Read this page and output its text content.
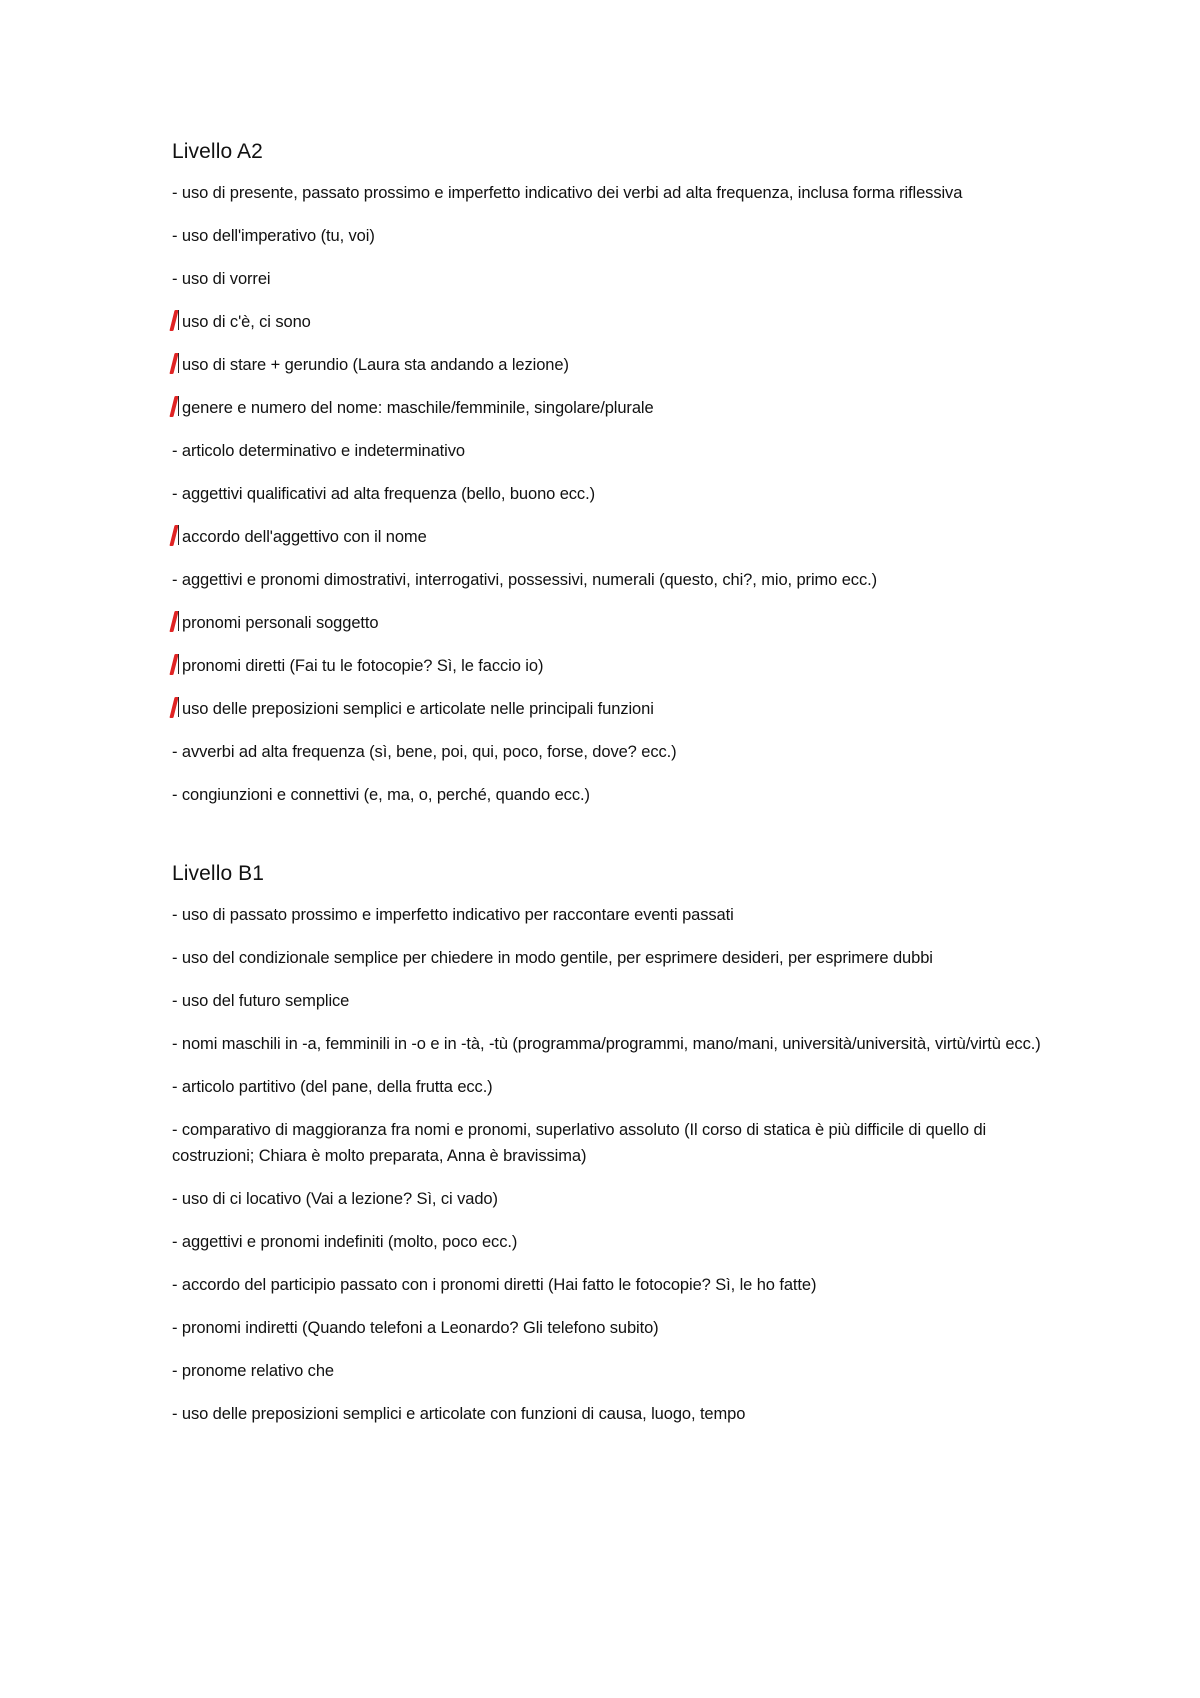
Livello A2
- uso di presente, passato prossimo e imperfetto indicativo dei verbi ad alta frequenza, inclusa forma riflessiva
- uso dell'imperativo (tu, voi)
- uso di vorrei
uso di c'è, ci sono
uso di stare + gerundio (Laura sta andando a lezione)
genere e numero del nome: maschile/femminile, singolare/plurale
- articolo determinativo e indeterminativo
- aggettivi qualificativi ad alta frequenza (bello, buono ecc.)
accordo dell'aggettivo con il nome
- aggettivi e pronomi dimostrativi, interrogativi, possessivi, numerali (questo, chi?, mio, primo ecc.)
pronomi personali soggetto
pronomi diretti (Fai tu le fotocopie? Sì, le faccio io)
uso delle preposizioni semplici e articolate nelle principali funzioni
- avverbi ad alta frequenza (sì, bene, poi, qui, poco, forse, dove? ecc.)
- congiunzioni e connettivi (e, ma, o, perché, quando ecc.)
Livello B1
- uso di passato prossimo e imperfetto indicativo per raccontare eventi passati
- uso del condizionale semplice per chiedere in modo gentile, per esprimere desideri, per esprimere dubbi
- uso del futuro semplice
- nomi maschili in -a, femminili in -o e in -tà, -tù (programma/programmi, mano/mani, università/università, virtù/virtù ecc.)
- articolo partitivo (del pane, della frutta ecc.)
- comparativo di maggioranza fra nomi e pronomi, superlativo assoluto (Il corso di statica è più difficile di quello di costruzioni; Chiara è molto preparata, Anna è bravissima)
- uso di ci locativo (Vai a lezione? Sì, ci vado)
- aggettivi e pronomi indefiniti (molto, poco ecc.)
- accordo del participio passato con i pronomi diretti (Hai fatto le fotocopie? Sì, le ho fatte)
- pronomi indiretti (Quando telefoni a Leonardo? Gli telefono subito)
- pronome relativo che
- uso delle preposizioni semplici e articolate con funzioni di causa, luogo, tempo
